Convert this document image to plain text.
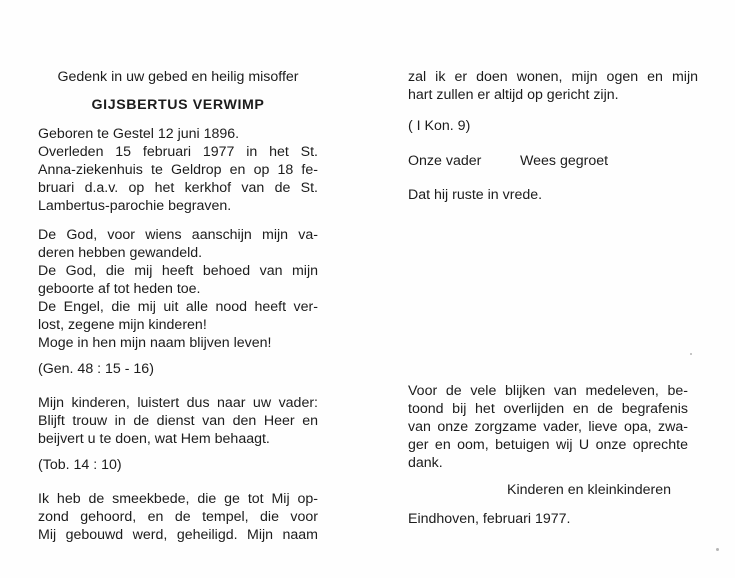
Gedenk in uw gebed en heilig misoffer
GIJSBERTUS VERWIMP
Geboren te Gestel 12 juni 1896.
Overleden 15 februari 1977 in het St.
Anna-ziekenhuis te Geldrop en op 18 fe-
bruari d.a.v. op het kerkhof van de St.
Lambertus-parochie begraven.
De God, voor wiens aanschijn mijn va-
deren hebben gewandeld.
De God, die mij heeft behoed van mijn
geboorte af tot heden toe.
De Engel, die mij uit alle nood heeft ver-
lost, zegene mijn kinderen!
Moge in hen mijn naam blijven leven!
(Gen. 48 : 15 - 16)
Mijn kinderen, luistert dus naar uw vader:
Blijft trouw in de dienst van den Heer en
beijvert u te doen, wat Hem behaagt.
(Tob. 14 : 10)
Ik heb de smeekbede, die ge tot Mij op-
zond gehoord, en de tempel, die voor
Mij gebouwd werd, geheiligd. Mijn naam
zal ik er doen wonen, mijn ogen en mijn
hart zullen er altijd op gericht zijn.
( I Kon. 9)
Onze vader	Wees gegroet
Dat hij ruste in vrede.
Voor de vele blijken van medeleven, be-
toond bij het overlijden en de begrafenis
van onze zorgzame vader, lieve opa, zwa-
ger en oom, betuigen wij U onze oprechte
dank.
Kinderen en kleinkinderen
Eindhoven, februari 1977.
